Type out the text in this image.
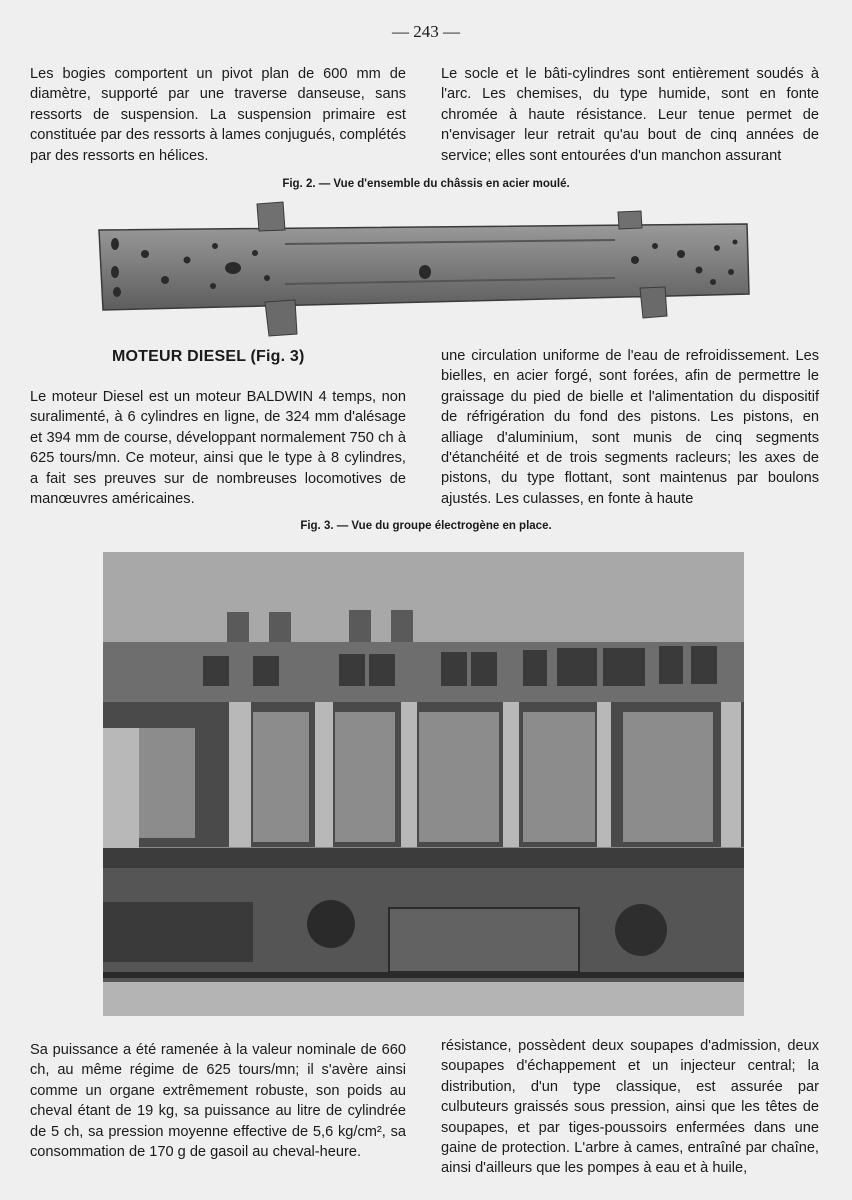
— 243 —

Les bogies comportent un pivot plan de 600 mm de diamètre, supporté par une traverse danseuse, sans ressorts de suspension. La suspension primaire est constituée par des ressorts à lames conjugués, complétés par des ressorts en hélices.

Le socle et le bâti-cylindres sont entièrement soudés à l'arc. Les chemises, du type humide, sont en fonte chromée à haute résistance. Leur tenue permet de n'envisager leur retrait qu'au bout de cinq années de service; elles sont entourées d'un manchon assurant

Fig. 2. — Vue d'ensemble du châssis en acier moulé.
MOTEUR DIESEL (Fig. 3)

Le moteur Diesel est un moteur BALDWIN 4 temps, non suralimenté, à 6 cylindres en ligne, de 324 mm d'alésage et 394 mm de course, développant normalement 750 ch à 625 tours/mn. Ce moteur, ainsi que le type à 8 cylindres, a fait ses preuves sur de nombreuses locomotives de manœuvres américaines.

une circulation uniforme de l'eau de refroidissement. Les bielles, en acier forgé, sont forées, afin de permettre le graissage du pied de bielle et l'alimentation du dispositif de réfrigération du fond des pistons. Les pistons, en alliage d'aluminium, sont munis de cinq segments d'étanchéité et de trois segments racleurs; les axes de pistons, du type flottant, sont maintenus par boulons ajustés. Les culasses, en fonte à haute

Fig. 3. — Vue du groupe électrogène en place.

Sa puissance a été ramenée à la valeur nominale de 660 ch, au même régime de 625 tours/mn; il s'avère ainsi comme un organe extrêmement robuste, son poids au cheval étant de 19 kg, sa puissance au litre de cylindrée de 5 ch, sa pression moyenne effective de 5,6 kg/cm², sa consommation de 170 g de gasoil au cheval-heure.

résistance, possèdent deux soupapes d'admission, deux soupapes d'échappement et un injecteur central; la distribution, d'un type classique, est assurée par culbuteurs graissés sous pression, ainsi que les têtes de soupapes, et par tiges-poussoirs enfermées dans une gaine de protection. L'arbre à cames, entraîné par chaîne, ainsi d'ailleurs que les pompes à eau et à huile,
